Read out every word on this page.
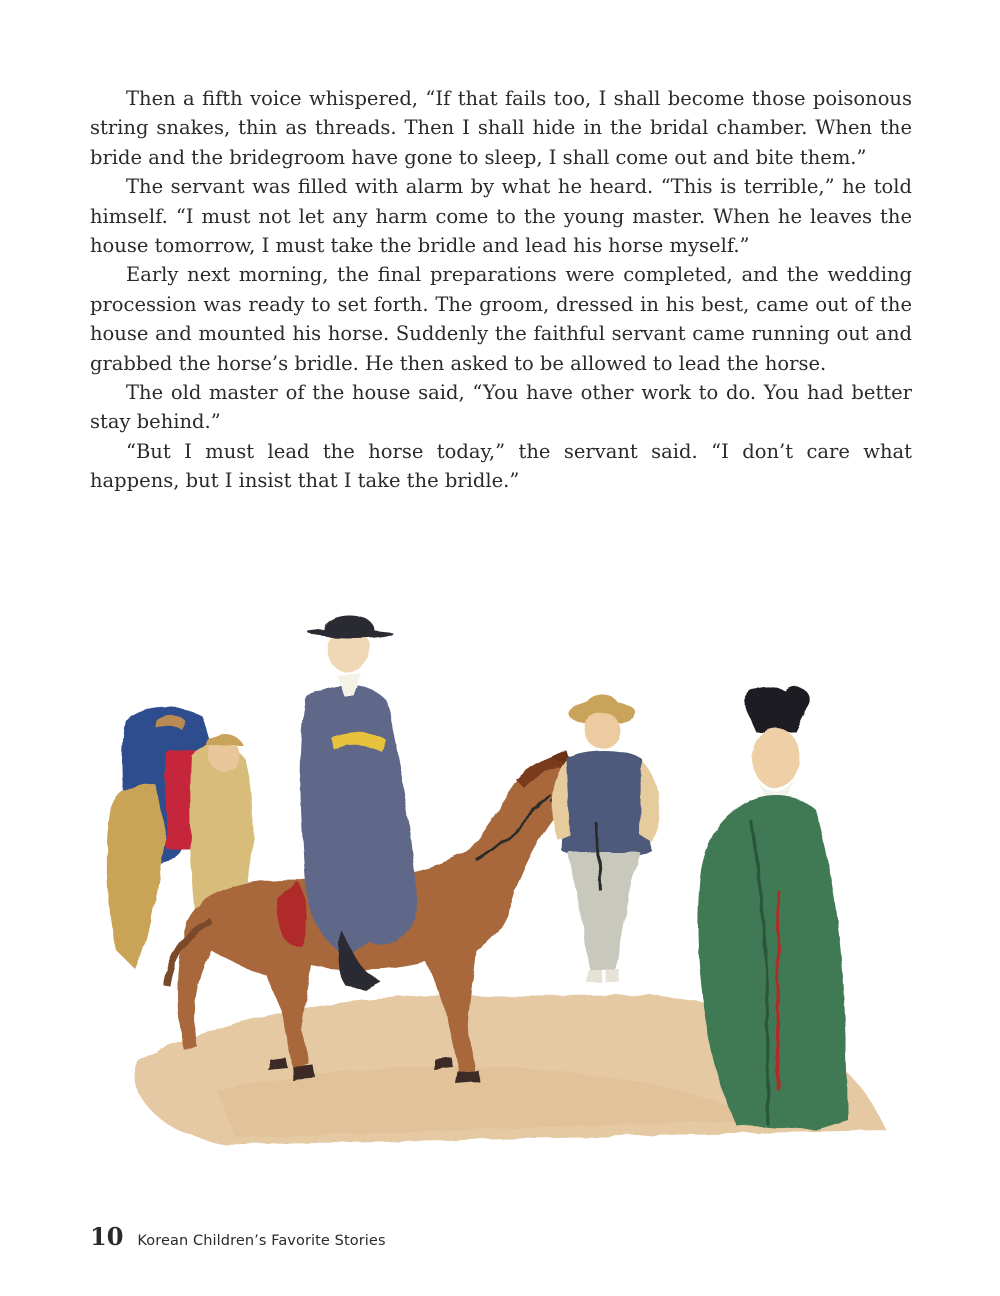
Then a fifth voice whispered, “If that fails too, I shall become those poisonous string snakes, thin as threads. Then I shall hide in the bridal chamber. When the bride and the bridegroom have gone to sleep, I shall come out and bite them.”

The servant was filled with alarm by what he heard. “This is terrible,” he told himself. “I must not let any harm come to the young master. When he leaves the house tomorrow, I must take the bridle and lead his horse myself.”

Early next morning, the final preparations were completed, and the wedding procession was ready to set forth. The groom, dressed in his best, came out of the house and mounted his horse. Suddenly the faithful servant came running out and grabbed the horse’s bridle. He then asked to be allowed to lead the horse.

The old master of the house said, “You have other work to do. You had better stay behind.”

“But I must lead the horse today,” the servant said. “I don’t care what happens, but I insist that I take the bridle.”

10 Korean Children’s Favorite Stories
